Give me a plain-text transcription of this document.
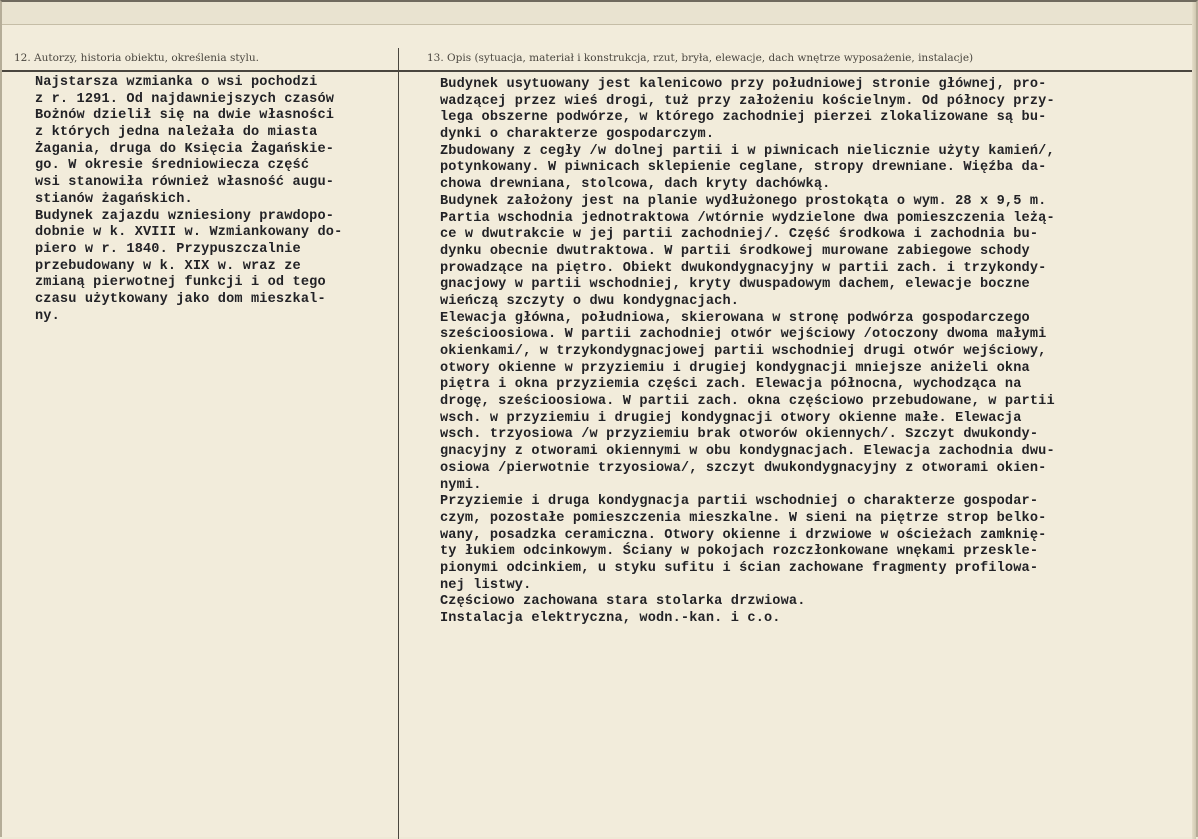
12. Autorzy, historia obiektu, określenia stylu.	13. Opis (sytuacja, materiał i konstrukcja, rzut, bryła, elewacje, dach wnętrze wyposażenie, instalacje)
Najstarsza wzmianka o wsi pochodzi
z r. 1291. Od najdawniejszych czasów
Bożnów dzielił się na dwie własności
z których jedna należała do miasta
Żagania, druga do Księcia Żagańskie-
go. W okresie średniowiecza część
wsi stanowiła również własność augu-
stianów żagańskich.
Budynek zajazdu wzniesiony prawdopo-
dobnie w k. XVIII w. Wzmiankowany do-
piero w r. 1840. Przypuszczalnie
przebudowany w k. XIX w. wraz ze
zmianą pierwotnej funkcji i od tego
czasu użytkowany jako dom mieszkal-
ny.
Budynek usytuowany jest kalenicowo przy południowej stronie głównej, pro-
wadzącej przez wieś drogi, tuż przy założeniu kościelnym. Od północy przy-
lega obszerne podwórze, w którego zachodniej pierzei zlokalizowane są bu-
dynki o charakterze gospodarczym.
Zbudowany z cegły /w dolnej partii i w piwnicach nielicznie użyty kamień/,
potynkowany. W piwnicach sklepienie ceglane, stropy drewniane. Więźba da-
chowa drewniana, stolcowa, dach kryty dachówką.
Budynek założony jest na planie wydłużonego prostokąta o wym. 28 x 9,5 m.
Partia wschodnia jednotraktowa /wtórnie wydzielone dwa pomieszczenia leżą-
ce w dwutrakcie w jej partii zachodniej/. Część środkowa i zachodnia bu-
dynku obecnie dwutraktowa. W partii środkowej murowane zabiegowe schody
prowadzące na piętro. Obiekt dwukondygnacyjny w partii zach. i trzykondy-
gnacjowy w partii wschodniej, kryty dwuspadowym dachem, elewacje boczne
wieńczą szczyty o dwu kondygnacjach.
Elewacja główna, południowa, skierowana w stronę podwórza gospodarczego
sześcioosiowa. W partii zachodniej otwór wejściowy /otoczony dwoma małymi
okienkami/, w trzykondygnacjowej partii wschodniej drugi otwór wejściowy,
otwory okienne w przyziemiu i drugiej kondygnacji mniejsze aniżeli okna
piętra i okna przyziemia części zach. Elewacja północna, wychodząca na
drogę, sześcioosiowa. W partii zach. okna częściowo przebudowane, w partii
wsch. w przyziemiu i drugiej kondygnacji otwory okienne małe. Elewacja
wsch. trzyosiowa /w przyziemiu brak otworów okiennych/. Szczyt dwukondy-
gnacyjny z otworami okiennymi w obu kondygnacjach. Elewacja zachodnia dwu-
osiowa /pierwotnie trzyosiowa/, szczyt dwukondygnacyjny z otworami okien-
nymi.
Przyziemie i druga kondygnacja partii wschodniej o charakterze gospodar-
czym, pozostałe pomieszczenia mieszkalne. W sieni na piętrze strop belko-
wany, posadzka ceramiczna. Otwory okienne i drzwiowe w ościeżach zamknię-
ty łukiem odcinkowym. Ściany w pokojach rozczłonkowane wnękami przeskle-
pionymi odcinkiem, u styku sufitu i ścian zachowane fragmenty profilowa-
nej listwy.
Częściowo zachowana stara stolarka drzwiowa.
Instalacja elektryczna, wodn.-kan. i c.o.
